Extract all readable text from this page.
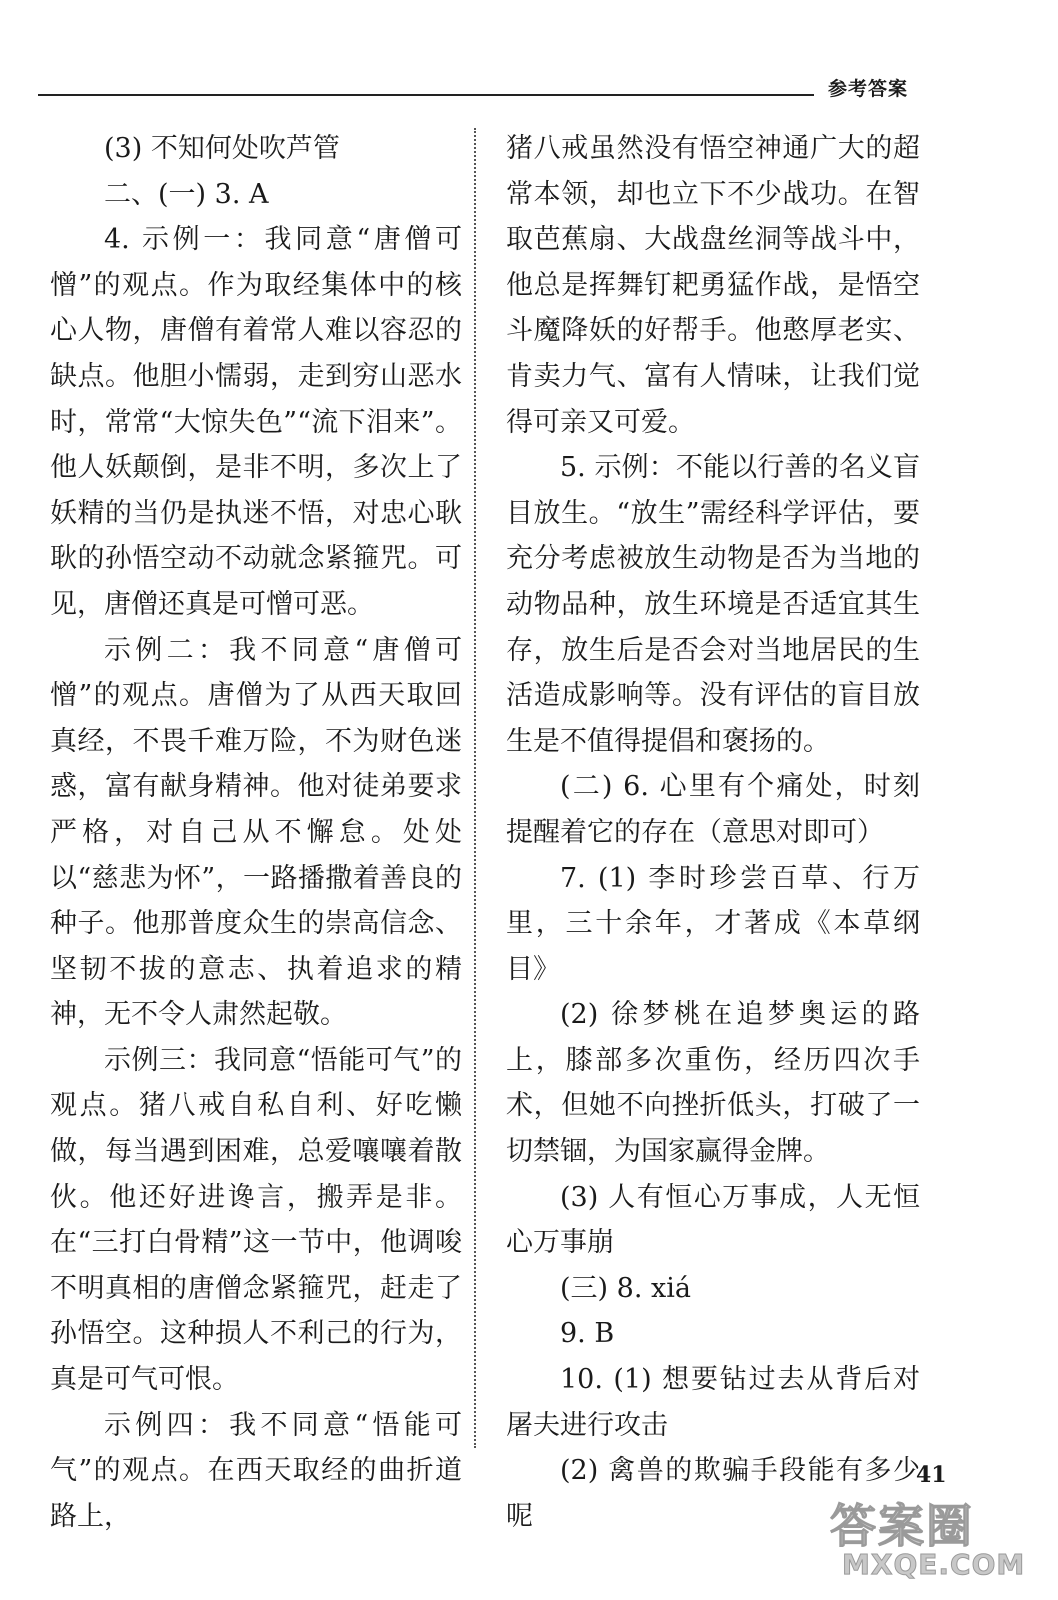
参考答案

(3) 不知何处吹芦管

二、(一) 3. A

4. 示例一：我同意“唐僧可憎”的观点。作为取经集体中的核心人物，唐僧有着常人难以容忍的缺点。他胆小懦弱，走到穷山恶水时，常常“大惊失色”“流下泪来”。他人妖颠倒，是非不明，多次上了妖精的当仍是执迷不悟，对忠心耿耿的孙悟空动不动就念紧箍咒。可见，唐僧还真是可憎可恶。

示例二：我不同意“唐僧可憎”的观点。唐僧为了从西天取回真经，不畏千难万险，不为财色迷惑，富有献身精神。他对徒弟要求严格，对自己从不懈怠。处处以“慈悲为怀”，一路播撒着善良的种子。他那普度众生的崇高信念、坚韧不拔的意志、执着追求的精神，无不令人肃然起敬。

示例三：我同意“悟能可气”的观点。猪八戒自私自利、好吃懒做，每当遇到困难，总爱嚷嚷着散伙。他还好进谗言，搬弄是非。在“三打白骨精”这一节中，他调唆不明真相的唐僧念紧箍咒，赶走了孙悟空。这种损人不利己的行为，真是可气可恨。

示例四：我不同意“悟能可气”的观点。在西天取经的曲折道路上，

猪八戒虽然没有悟空神通广大的超常本领，却也立下不少战功。在智取芭蕉扇、大战盘丝洞等战斗中，他总是挥舞钉耙勇猛作战，是悟空斗魔降妖的好帮手。他憨厚老实、肯卖力气、富有人情味，让我们觉得可亲又可爱。

5. 示例：不能以行善的名义盲目放生。“放生”需经科学评估，要充分考虑被放生动物是否为当地的动物品种，放生环境是否适宜其生存，放生后是否会对当地居民的生活造成影响等。没有评估的盲目放生是不值得提倡和褒扬的。

(二) 6. 心里有个痛处，时刻提醒着它的存在（意思对即可）

7. (1) 李时珍尝百草、行万里，三十余年，才著成《本草纲目》

(2) 徐梦桃在追梦奥运的路上，膝部多次重伤，经历四次手术，但她不向挫折低头，打破了一切禁锢，为国家赢得金牌。

(3) 人有恒心万事成，人无恒心万事崩

(三) 8. xiá

9. B

10. (1) 想要钻过去从背后对屠夫进行攻击

(2) 禽兽的欺骗手段能有多少呢

41
答案圈
MXQE.COM
